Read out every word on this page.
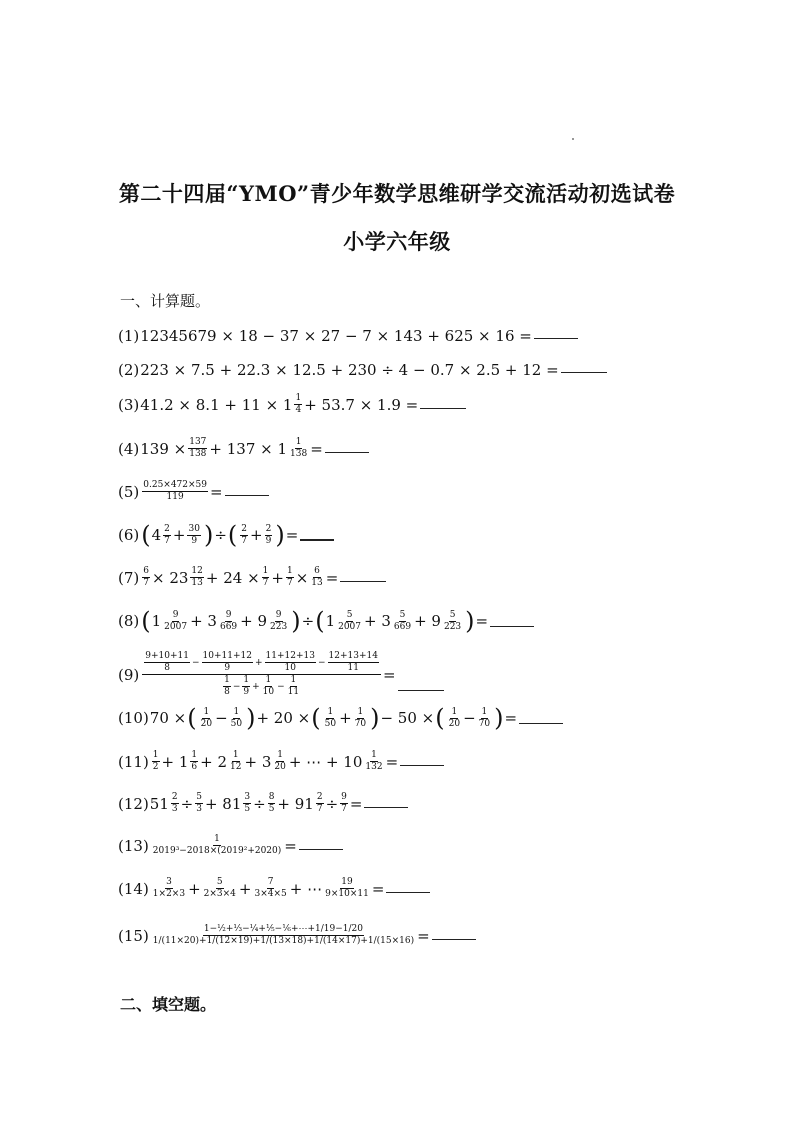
第二十四届“YMO”青少年数学思维研学交流活动初选试卷
小学六年级
一、计算题。
(1) 12345679 × 18 − 37 × 27 − 7 × 143 + 625 × 16 =
(2) 223 × 7.5 + 22.3 × 12.5 + 230 ÷ 4 − 0.7 × 2.5 + 12 =
(3) $41.2 \times 8.1 + 11 \times 1 \frac{1}{4} + 53.7 \times 1.9$ =
(4) $139 \times \frac{137}{138} + 137 \times 1 \frac{1}{138}$ =
$(5) \frac{0.25\times 472\times 59}{119}$ =
(6) ( $4 \frac{2}{7} + \frac{30}{9}$ ) ÷ ( $\frac{2}{7} + \frac{2}{9}$ ) =
$(7) \frac{6}{7} \times 23 \frac{12}{13} + 24 \times \frac{1}{7} + \frac{1}{7} \times \frac{6}{13}$ =
(8) ( $1 \frac{9}{2007} + 3 \frac{9}{669} + 9 \frac{9}{223}$ ) ÷ ( $1 \frac{5}{2007} + 3 \frac{5}{669} + 9 \frac{5}{223}$ ) =
(9)
$\frac{9+10+11}{8} - \frac{10+11+12}{9} + \frac{11+12+13}{10} - \frac{12+13+14}{11}$
$\frac{1}{8} - \frac{1}{9} + \frac{1}{10} - \frac{1}{11}$
=
(10) 70 × ( $\frac{1}{20} - \frac{1}{50}$ ) + 20 × ( $\frac{1}{50} + \frac{1}{70}$ ) − 50 × ( $\frac{1}{20} - \frac{1}{70}$ ) =
$(11) \frac{1}{2} + 1 \frac{1}{6} + 2 \frac{1}{12} + 3 \frac{1}{20}$ + ⋯ + $10 \frac{1}{132}$ =
(12) $51 \frac{2}{3} \div \frac{5}{3} + 81 \frac{3}{5} \div \frac{8}{5} + 91 \frac{2}{7} \div \frac{9}{7}$ =
$(13) \frac{1}{\text{2019³−2018×(2019²+2020)}}$ =
$(14) \frac{3}{1\times 2\times 3} + \frac{5}{2\times 3\times 4} + \frac{7}{3\times 4\times 5}$ + ⋯ $\frac{19}{9\times 10\times 11}$ =
$(15) \frac{\text{1−½+⅓−¼+⅕−⅙+⋯+1/19−1/20}}{1/(11\times 20)+1/(12\times 19)+1/(13\times 18)+1/(14\times 17)+1/(15\times 16)}$ =
二、填空题。
